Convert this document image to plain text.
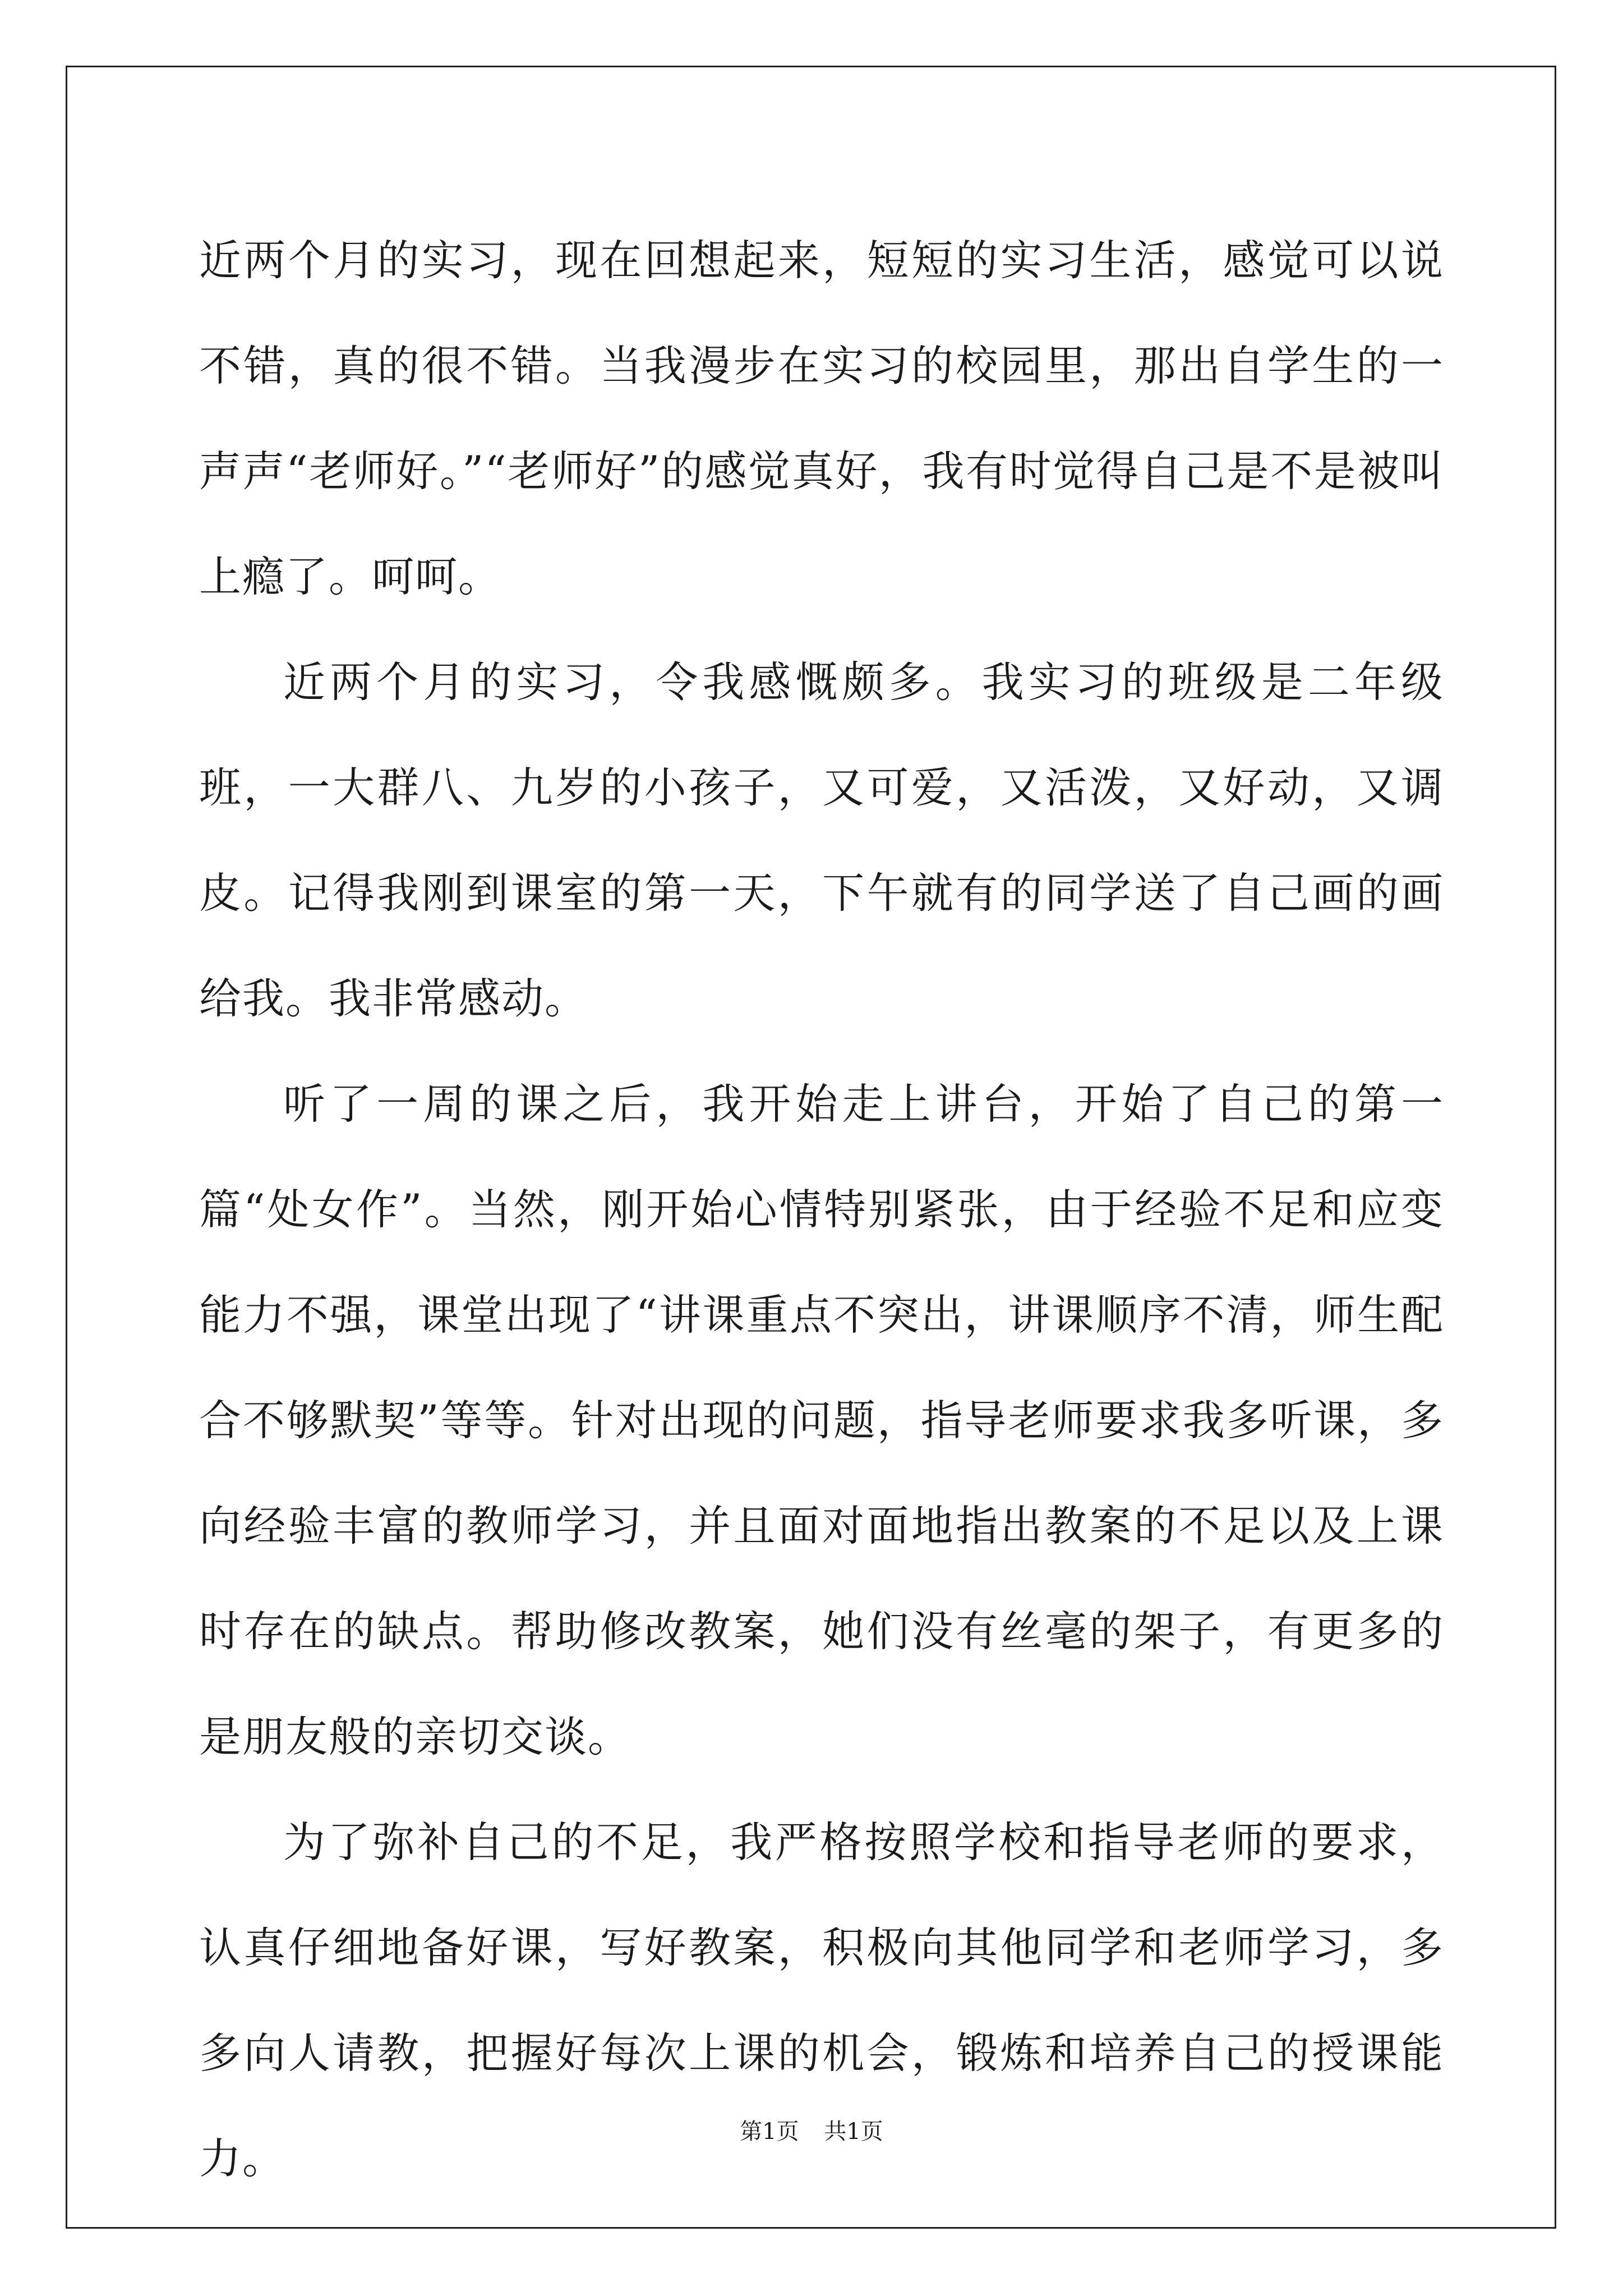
近两个月的实习，现在回想起来，短短的实习生活，感觉可以说不错，真的很不错。当我漫步在实习的校园里，那出自学生的一声声“老师好。”“老师好”的感觉真好，我有时觉得自己是不是被叫上瘾了。呵呵。

近两个月的实习，令我感慨颇多。我实习的班级是二年级班，一大群八、九岁的小孩子，又可爱，又活泼，又好动，又调皮。记得我刚到课室的第一天，下午就有的同学送了自己画的画给我。我非常感动。

听了一周的课之后，我开始走上讲台，开始了自己的第一篇“处女作”。当然，刚开始心情特别紧张，由于经验不足和应变能力不强，课堂出现了“讲课重点不突出，讲课顺序不清，师生配合不够默契”等等。针对出现的问题，指导老师要求我多听课，多向经验丰富的教师学习，并且面对面地指出教案的不足以及上课时存在的缺点。帮助修改教案，她们没有丝毫的架子，有更多的是朋友般的亲切交谈。

为了弥补自己的不足，我严格按照学校和指导老师的要求，认真仔细地备好课，写好教案，积极向其他同学和老师学习，多多向人请教，把握好每次上课的机会，锻炼和培养自己的授课能力。

第1页 共1页
